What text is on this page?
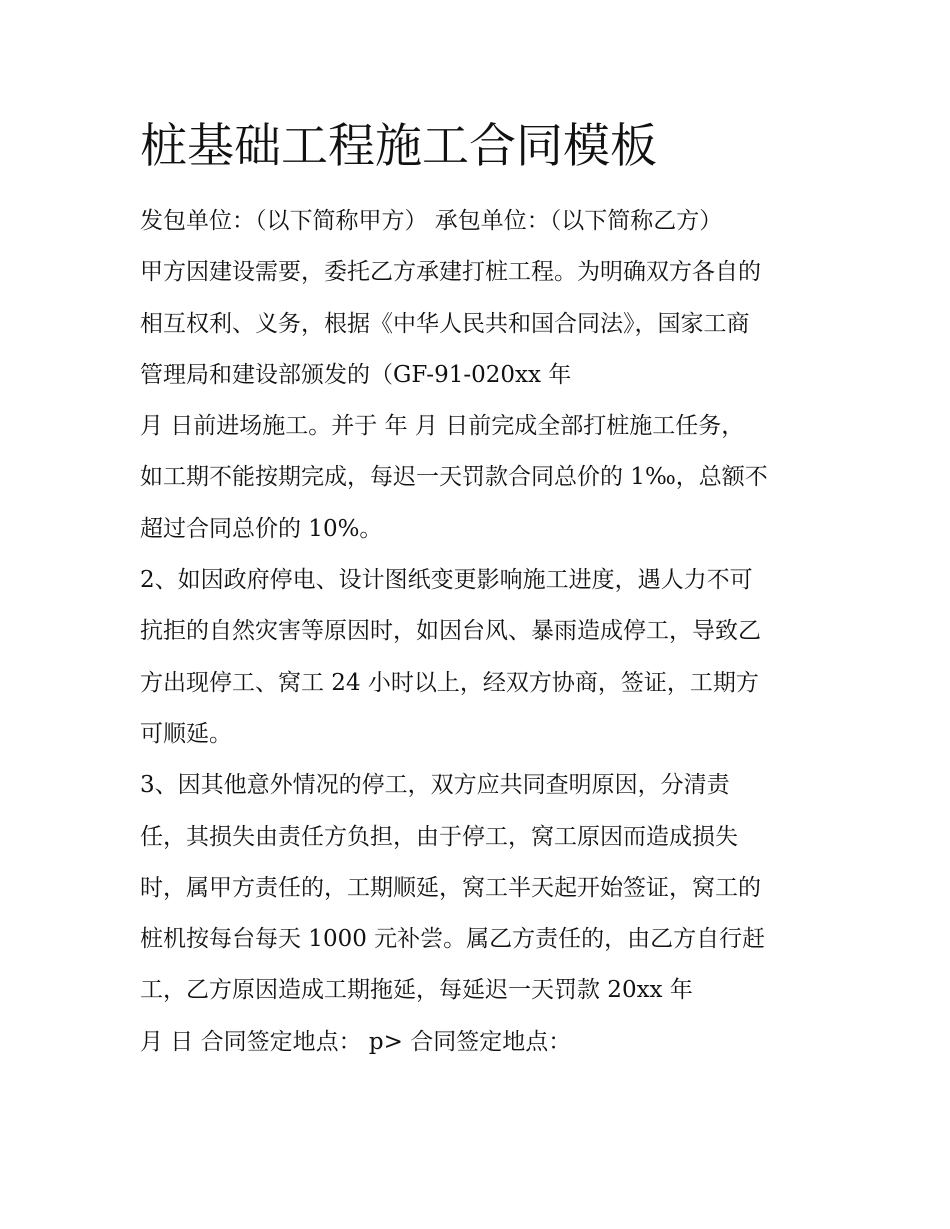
桩基础工程施工合同模板
发包单位：（以下简称甲方） 承包单位：（以下简称乙方）
甲方因建设需要，委托乙方承建打桩工程。为明确双方各自的
相互权利、义务，根据《中华人民共和国合同法》，国家工商
管理局和建设部颁发的（GF-91-020xx 年
月 日前进场施工。并于 年 月 日前完成全部打桩施工任务，
如工期不能按期完成，每迟一天罚款合同总价的 1‰，总额不
超过合同总价的 10%。
2、如因政府停电、设计图纸变更影响施工进度，遇人力不可
抗拒的自然灾害等原因时，如因台风、暴雨造成停工，导致乙
方出现停工、窝工 24 小时以上，经双方协商，签证，工期方
可顺延。
3、因其他意外情况的停工，双方应共同查明原因，分清责
任，其损失由责任方负担，由于停工，窝工原因而造成损失
时，属甲方责任的，工期顺延，窝工半天起开始签证，窝工的
桩机按每台每天 1000 元补尝。属乙方责任的，由乙方自行赶
工，乙方原因造成工期拖延，每延迟一天罚款 20xx 年
月 日 合同签定地点： p> 合同签定地点：
